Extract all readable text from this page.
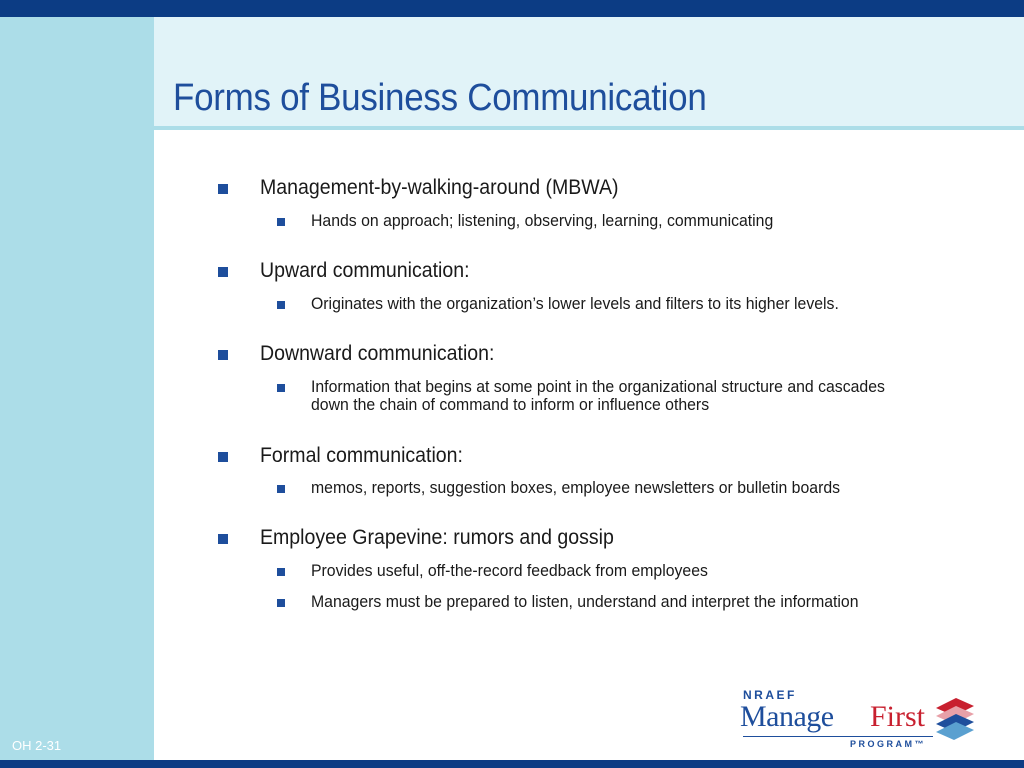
Forms of Business Communication
Management-by-walking-around (MBWA)
Hands on approach; listening, observing, learning, communicating
Upward communication:
Originates with the organization’s lower levels and filters to its higher levels.
Downward communication:
Information that begins at some point in the organizational structure and cascades
down the chain of command to inform or influence others
Formal communication:
memos, reports, suggestion boxes, employee newsletters or bulletin boards
Employee Grapevine: rumors and gossip
Provides useful, off-the-record feedback from employees
Managers must be prepared to listen, understand and interpret the information
OH 2-31
NRAEF
Manage First
PROGRAM™
